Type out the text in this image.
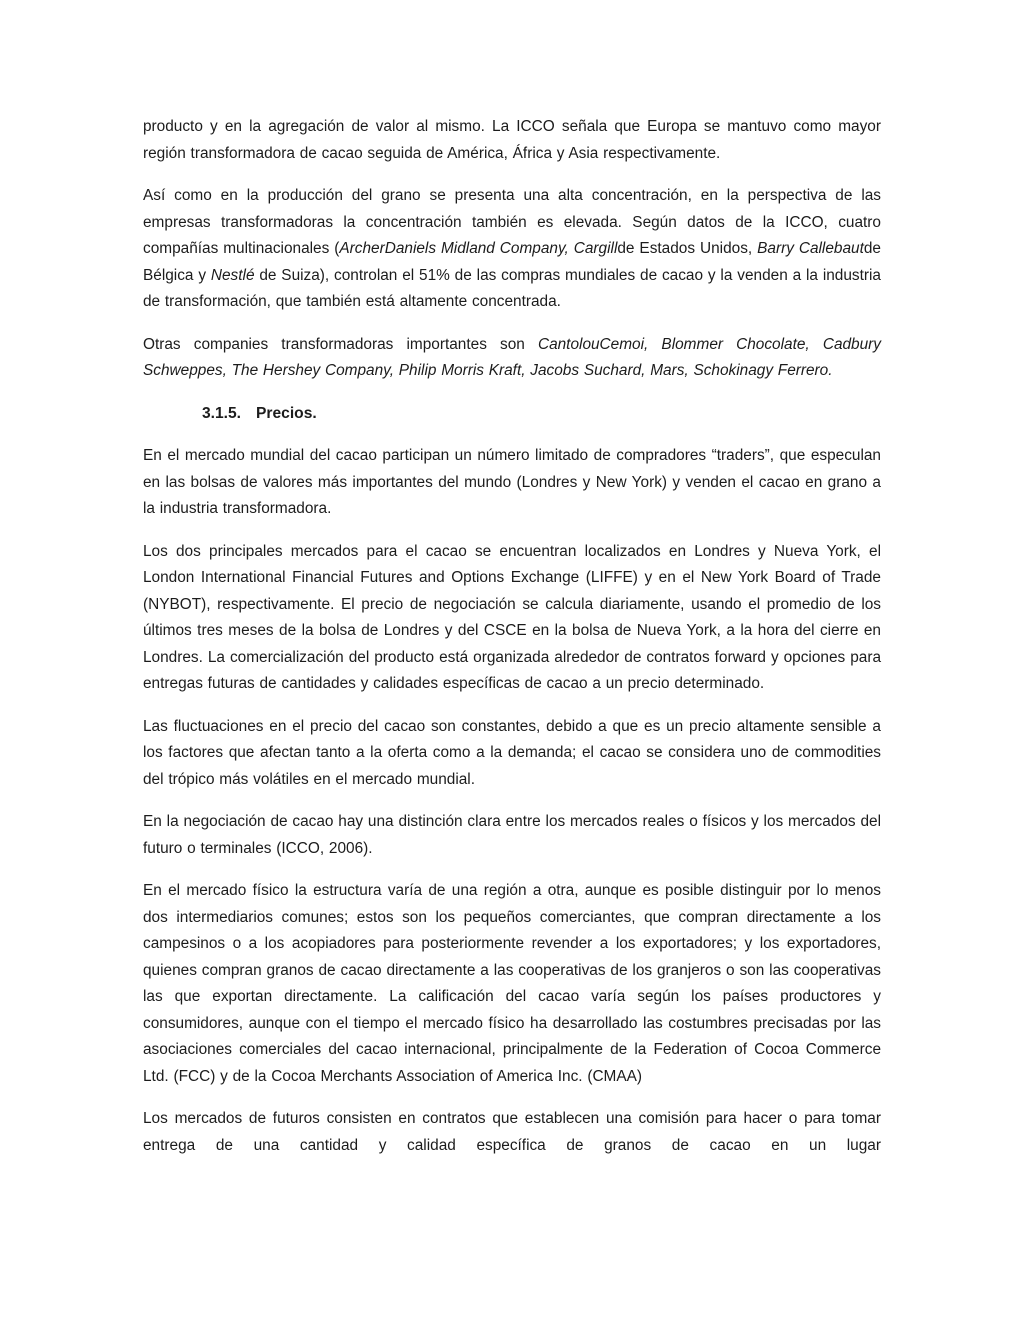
producto y en la agregación de valor al mismo. La ICCO señala que Europa se mantuvo como mayor región transformadora de cacao seguida de América, África y Asia respectivamente.

Así como en la producción del grano se presenta una alta concentración, en la perspectiva de las empresas transformadoras la concentración también es elevada. Según datos de la ICCO, cuatro compañías multinacionales (ArcherDaniels Midland Company, Cargillde Estados Unidos, Barry Callebautde Bélgica y Nestlé de Suiza), controlan el 51% de las compras mundiales de cacao y la venden a la industria de transformación, que también está altamente concentrada.

Otras companies transformadoras importantes son CantolouCemoi, Blommer Chocolate, Cadbury Schweppes, The Hershey Company, Philip Morris Kraft, Jacobs Suchard, Mars, Schokinagy Ferrero.

3.1.5. Precios.

En el mercado mundial del cacao participan un número limitado de compradores “traders”, que especulan en las bolsas de valores más importantes del mundo (Londres y New York) y venden el cacao en grano a la industria transformadora.

Los dos principales mercados para el cacao se encuentran localizados en Londres y Nueva York, el London International Financial Futures and Options Exchange (LIFFE) y en el New York Board of Trade (NYBOT), respectivamente. El precio de negociación se calcula diariamente, usando el promedio de los últimos tres meses de la bolsa de Londres y del CSCE en la bolsa de Nueva York, a la hora del cierre en Londres. La comercialización del producto está organizada alrededor de contratos forward y opciones para entregas futuras de cantidades y calidades específicas de cacao a un precio determinado.

Las fluctuaciones en el precio del cacao son constantes, debido a que es un precio altamente sensible a los factores que afectan tanto a la oferta como a la demanda; el cacao se considera uno de commodities del trópico más volátiles en el mercado mundial.

En la negociación de cacao hay una distinción clara entre los mercados reales o físicos y los mercados del futuro o terminales (ICCO, 2006).

En el mercado físico la estructura varía de una región a otra, aunque es posible distinguir por lo menos dos intermediarios comunes; estos son los pequeños comerciantes, que compran directamente a los campesinos o a los acopiadores para posteriormente revender a los exportadores; y los exportadores, quienes compran granos de cacao directamente a las cooperativas de los granjeros o son las cooperativas las que exportan directamente. La calificación del cacao varía según los países productores y consumidores, aunque con el tiempo el mercado físico ha desarrollado las costumbres precisadas por las asociaciones comerciales del cacao internacional, principalmente de la Federation of Cocoa Commerce Ltd. (FCC) y de la Cocoa Merchants Association of America Inc. (CMAA)

Los mercados de futuros consisten en contratos que establecen una comisión para hacer o para tomar entrega de una cantidad y calidad específica de granos de cacao en un lugar
